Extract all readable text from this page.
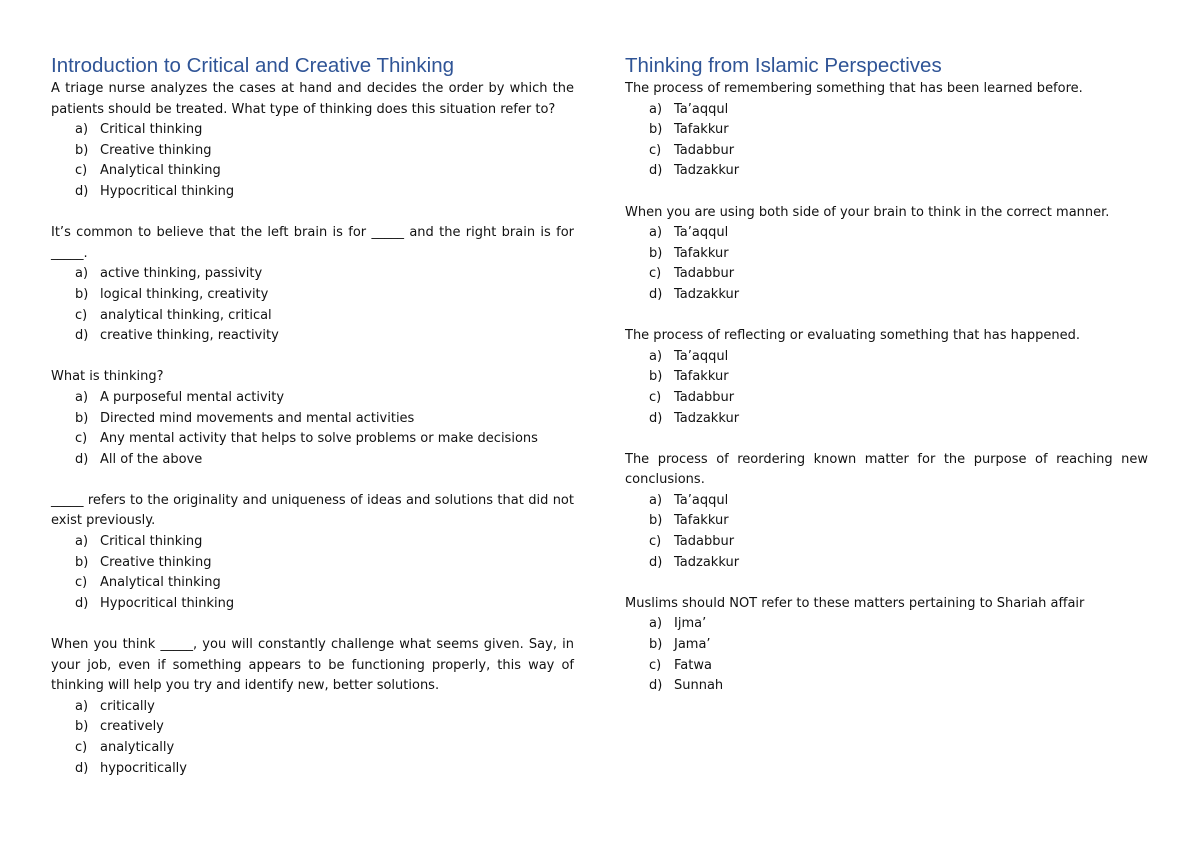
Introduction to Critical and Creative Thinking

A triage nurse analyzes the cases at hand and decides the order by which the patients should be treated. What type of thinking does this situation refer to?

a) Critical thinking
b) Creative thinking
c) Analytical thinking
d) Hypocritical thinking

It’s common to believe that the left brain is for _____ and the right brain is for _____.

a) active thinking, passivity
b) logical thinking, creativity
c) analytical thinking, critical
d) creative thinking, reactivity

What is thinking?

a) A purposeful mental activity
b) Directed mind movements and mental activities
c) Any mental activity that helps to solve problems or make decisions
d) All of the above

_____ refers to the originality and uniqueness of ideas and solutions that did not exist previously.

a) Critical thinking
b) Creative thinking
c) Analytical thinking
d) Hypocritical thinking

When you think _____, you will constantly challenge what seems given. Say, in your job, even if something appears to be functioning properly, this way of thinking will help you try and identify new, better solutions.

a) critically
b) creatively
c) analytically
d) hypocritically
Thinking from Islamic Perspectives

The process of remembering something that has been learned before.

a) Ta’aqqul
b) Tafakkur
c) Tadabbur
d) Tadzakkur

When you are using both side of your brain to think in the correct manner.

a) Ta’aqqul
b) Tafakkur
c) Tadabbur
d) Tadzakkur

The process of reflecting or evaluating something that has happened.

a) Ta’aqqul
b) Tafakkur
c) Tadabbur
d) Tadzakkur

The process of reordering known matter for the purpose of reaching new conclusions.

a) Ta’aqqul
b) Tafakkur
c) Tadabbur
d) Tadzakkur

Muslims should NOT refer to these matters pertaining to Shariah affair

a) Ijma’
b) Jama’
c) Fatwa
d) Sunnah
